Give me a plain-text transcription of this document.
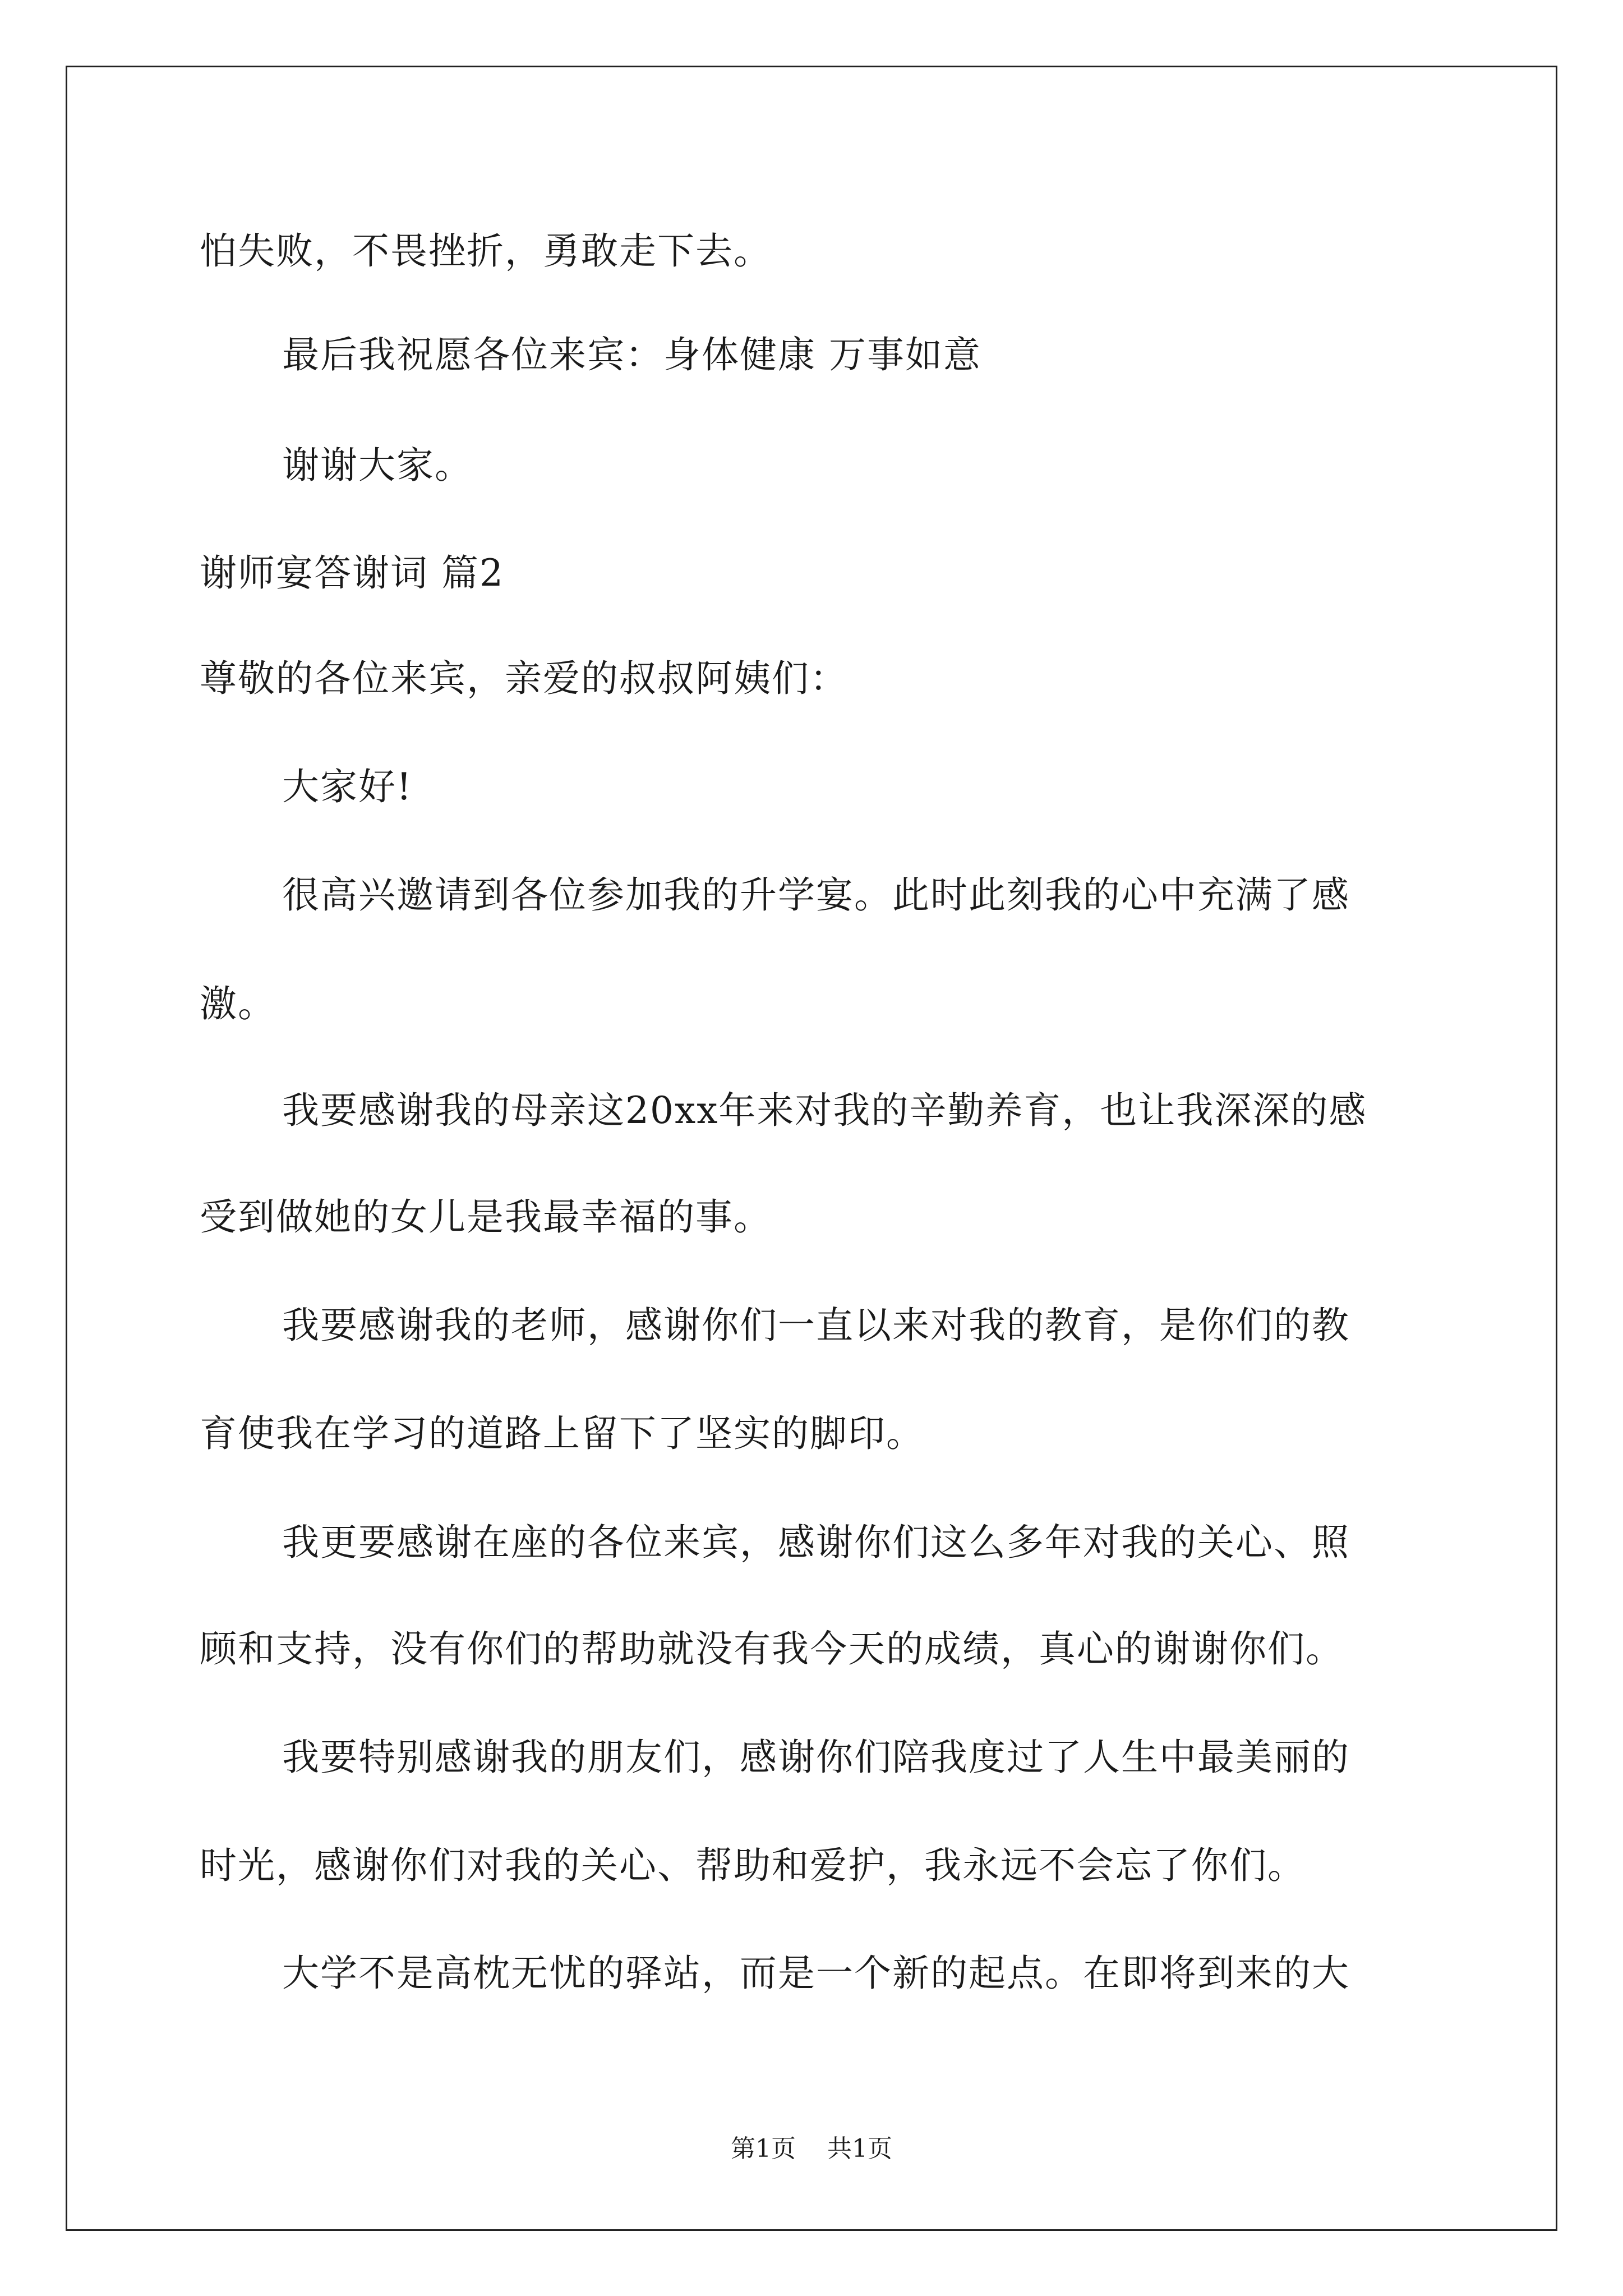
怕失败，不畏挫折，勇敢走下去。
最后我祝愿各位来宾：身体健康 万事如意
谢谢大家。
谢师宴答谢词 篇2
尊敬的各位来宾，亲爱的叔叔阿姨们：
大家好!
很高兴邀请到各位参加我的升学宴。此时此刻我的心中充满了感
激。
我要感谢我的母亲这20xx年来对我的辛勤养育，也让我深深的感
受到做她的女儿是我最幸福的事。
我要感谢我的老师，感谢你们一直以来对我的教育，是你们的教
育使我在学习的道路上留下了坚实的脚印。
我更要感谢在座的各位来宾，感谢你们这么多年对我的关心、照
顾和支持，没有你们的帮助就没有我今天的成绩，真心的谢谢你们。
我要特别感谢我的朋友们，感谢你们陪我度过了人生中最美丽的
时光，感谢你们对我的关心、帮助和爱护，我永远不会忘了你们。
大学不是高枕无忧的驿站，而是一个新的起点。在即将到来的大
第1页 共1页
